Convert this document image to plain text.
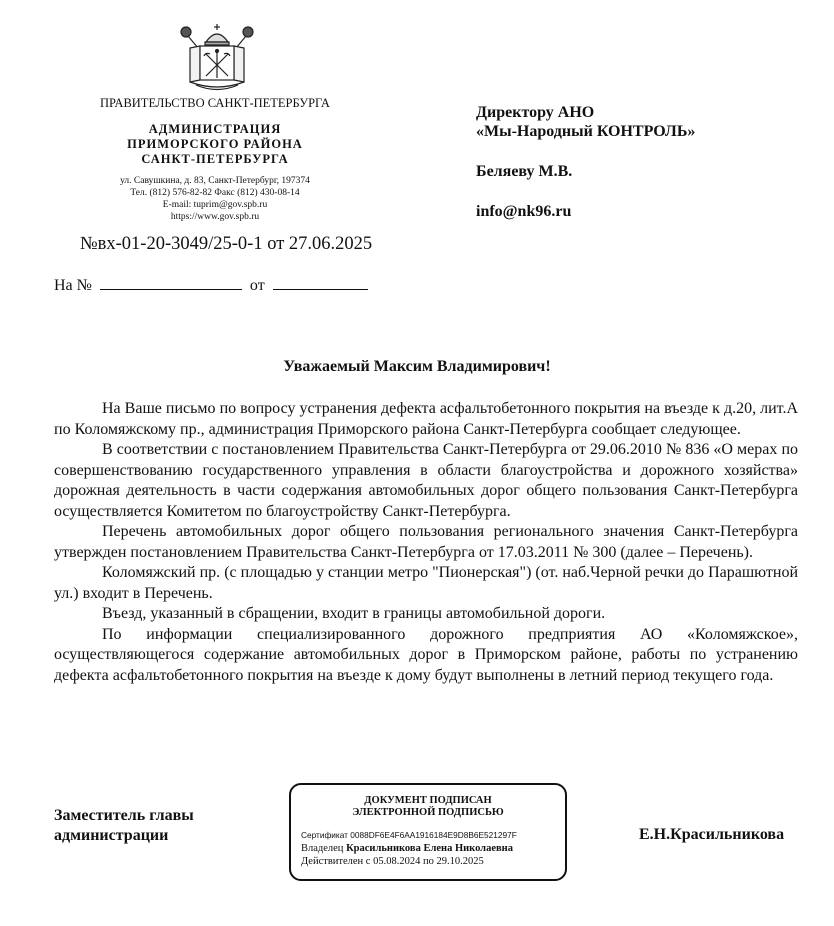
ПРАВИТЕЛЬСТВО САНКТ-ПЕТЕРБУРГА
АДМИНИСТРАЦИЯ
ПРИМОРСКОГО РАЙОНА
САНКТ-ПЕТЕРБУРГА
ул. Савушкина, д. 83, Санкт-Петербург, 197374
Тел. (812) 576-82-82 Факс (812) 430-08-14
E-mail: tuprim@gov.spb.ru
https://www.gov.spb.ru
№вх-01-20-3049/25-0-1 от 27.06.2025
На №	от
Директору АНО
«Мы-Народный КОНТРОЛЬ»
Беляеву М.В.
info@nk96.ru
Уважаемый Максим Владимирович!

На Ваше письмо по вопросу устранения дефекта асфальтобетонного покрытия на въезде к д.20, лит.А по Коломяжскому пр., администрация Приморского района Санкт-Петербурга сообщает следующее.

В соответствии с постановлением Правительства Санкт-Петербурга от 29.06.2010 № 836 «О мерах по совершенствованию государственного управления в области благоустройства и дорожного хозяйства» дорожная деятельность в части содержания автомобильных дорог общего пользования Санкт-Петербурга осуществляется Комитетом по благоустройству Санкт-Петербурга.

Перечень автомобильных дорог общего пользования регионального значения Санкт-Петербурга утвержден постановлением Правительства Санкт-Петербурга от 17.03.2011 № 300 (далее – Перечень).

Коломяжский пр. (с площадью у станции метро "Пионерская") (от. наб.Черной речки до Парашютной ул.) входит в Перечень.

Въезд, указанный в сбращении, входит в границы автомобильной дороги.

По информации специализированного дорожного предприятия АО «Коломяжское», осуществляющегося содержание автомобильных дорог в Приморском районе, работы по устранению дефекта асфальтобетонного покрытия на въезде к дому будут выполнены в летний период текущего года.

Заместитель главы
администрации
ДОКУМЕНТ ПОДПИСАН
ЭЛЕКТРОННОЙ ПОДПИСЬЮ
Сертификат 0088DF6E4F6AA1916184E9D8B6E521297F
Владелец Красильникова Елена Николаевна
Действителен с 05.08.2024 по 29.10.2025
Е.Н.Красильникова
